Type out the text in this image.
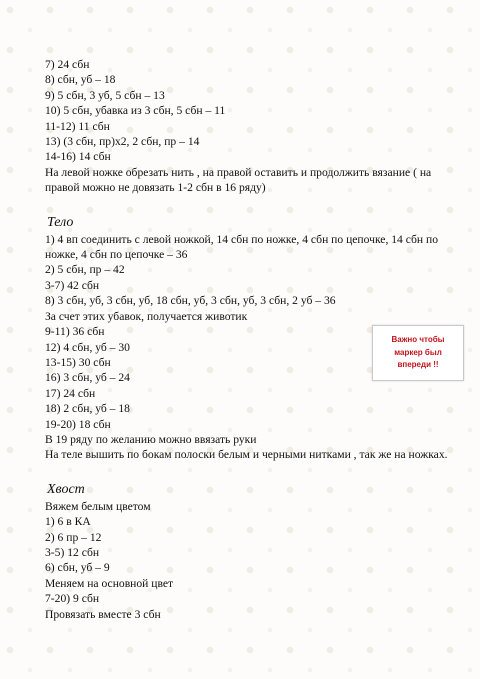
7) 24 сбн
8) сбн, уб – 18
9) 5 сбн, 3 уб, 5 сбн – 13
10) 5 сбн, убавка из 3 сбн, 5 сбн – 11
11-12) 11 сбн
13) (3 сбн, пр)х2, 2 сбн, пр – 14
14-16) 14 сбн
На левой ножке обрезать нить , на правой оставить и продолжить вязание ( на правой можно не довязать 1-2 сбн в 16 ряду)
Тело
1) 4 вп соединить с левой ножкой, 14 сбн по ножке, 4 сбн по цепочке, 14 сбн по ножке, 4 сбн по цепочке – 36
2) 5 сбн, пр – 42
3-7) 42 сбн
8) 3 сбн, уб, 3 сбн, уб, 18 сбн, уб, 3 сбн, уб, 3 сбн, 2 уб – 36
За счет этих убавок, получается животик
9-11) 36 сбн
12) 4 сбн, уб – 30
13-15) 30 сбн
16) 3 сбн, уб – 24
17) 24 сбн
18) 2 сбн, уб – 18
19-20) 18 сбн
В 19 ряду по желанию можно ввязать руки
На теле вышить по бокам полоски белым и черными нитками , так же на ножках.
Хвост
Вяжем белым цветом
1) 6 в КА
2) 6 пр – 12
3-5) 12 сбн
6) сбн, уб – 9
Меняем на основной цвет
7-20) 9 сбн
Провязать вместе 3 сбн
Важно чтобы
маркер был
впереди !!
